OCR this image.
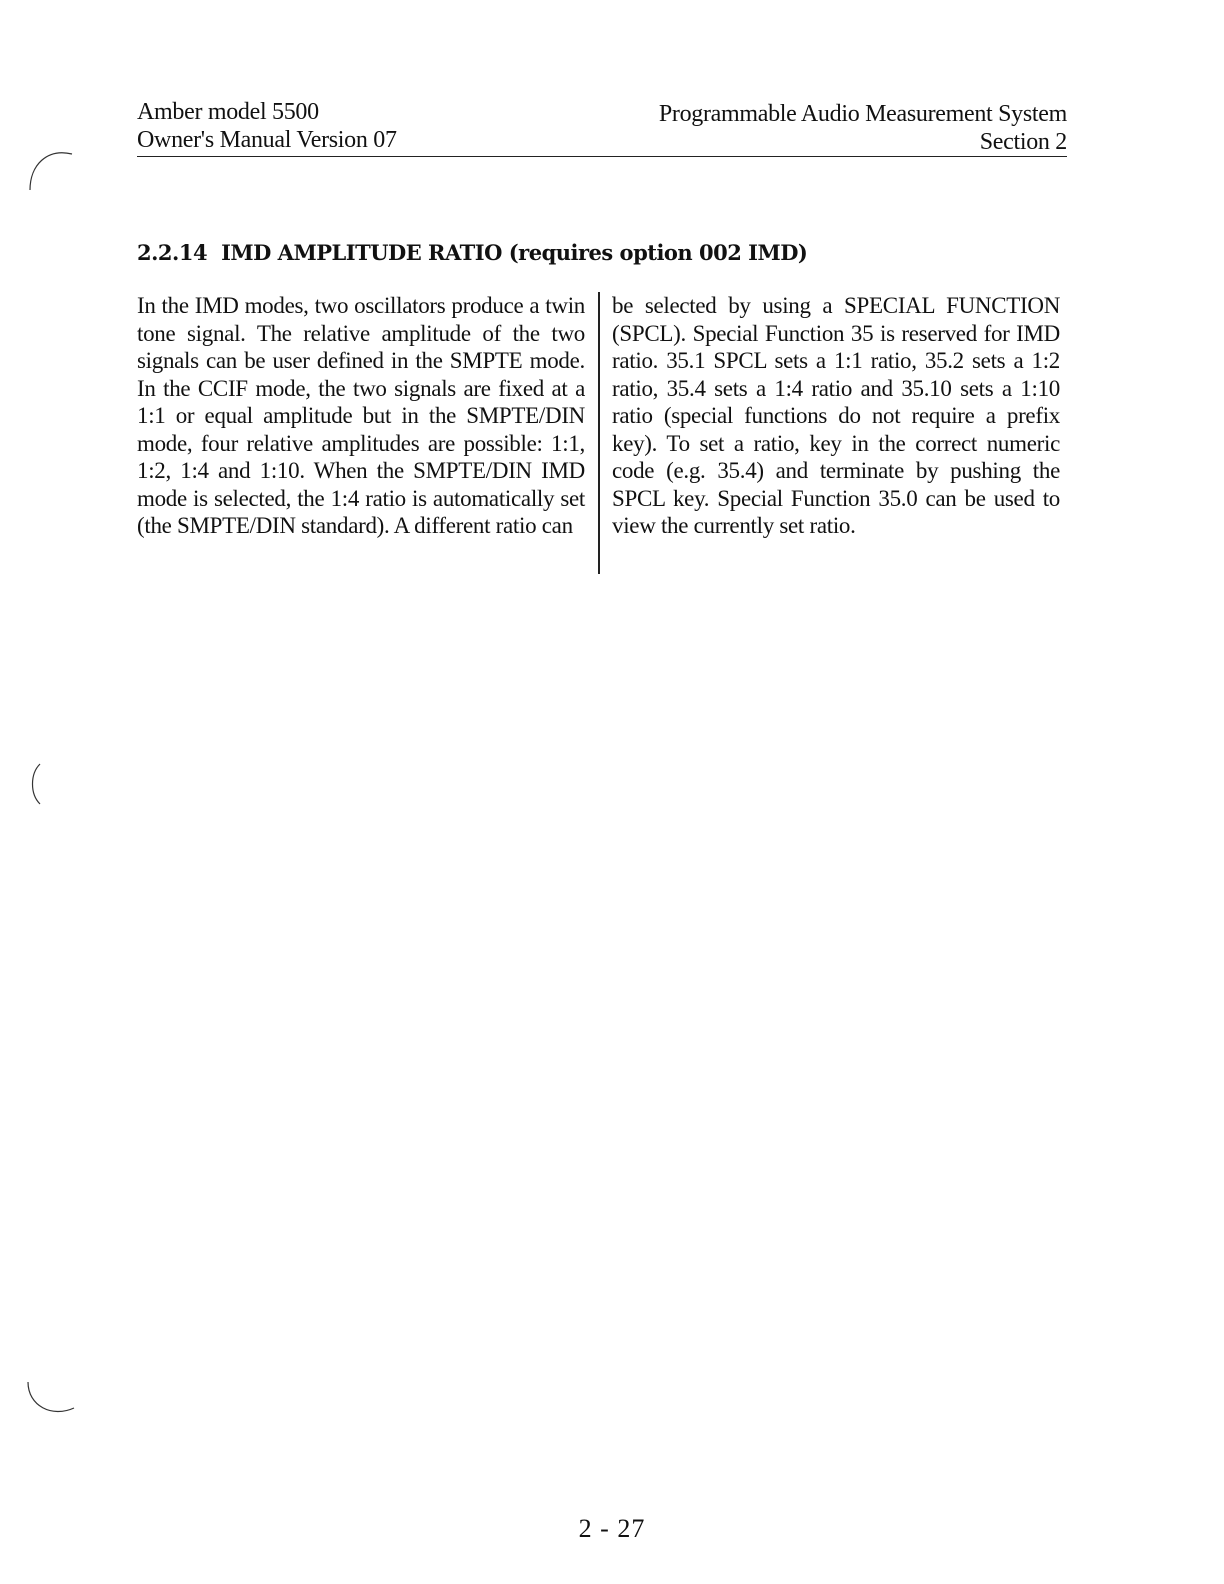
Amber model 5500
Owner's Manual Version 07
Programmable Audio Measurement System
Section 2
2.2.14 IMD AMPLITUDE RATIO (requires option 002 IMD)
In the IMD modes, two oscillators produce a twin tone signal. The relative amplitude of the two signals can be user defined in the SMPTE mode. In the CCIF mode, the two signals are fixed at a 1:1 or equal amplitude but in the SMPTE/DIN mode, four relative amplitudes are possible: 1:1, 1:2, 1:4 and 1:10. When the SMPTE/DIN IMD mode is selected, the 1:4 ratio is automatically set (the SMPTE/DIN standard). A different ratio can
be selected by using a SPECIAL FUNCTION (SPCL). Special Function 35 is reserved for IMD ratio. 35.1 SPCL sets a 1:1 ratio, 35.2 sets a 1:2 ratio, 35.4 sets a 1:4 ratio and 35.10 sets a 1:10 ratio (special functions do not require a prefix key). To set a ratio, key in the correct numeric code (e.g. 35.4) and terminate by pushing the SPCL key. Special Function 35.0 can be used to view the currently set ratio.
2 - 27
